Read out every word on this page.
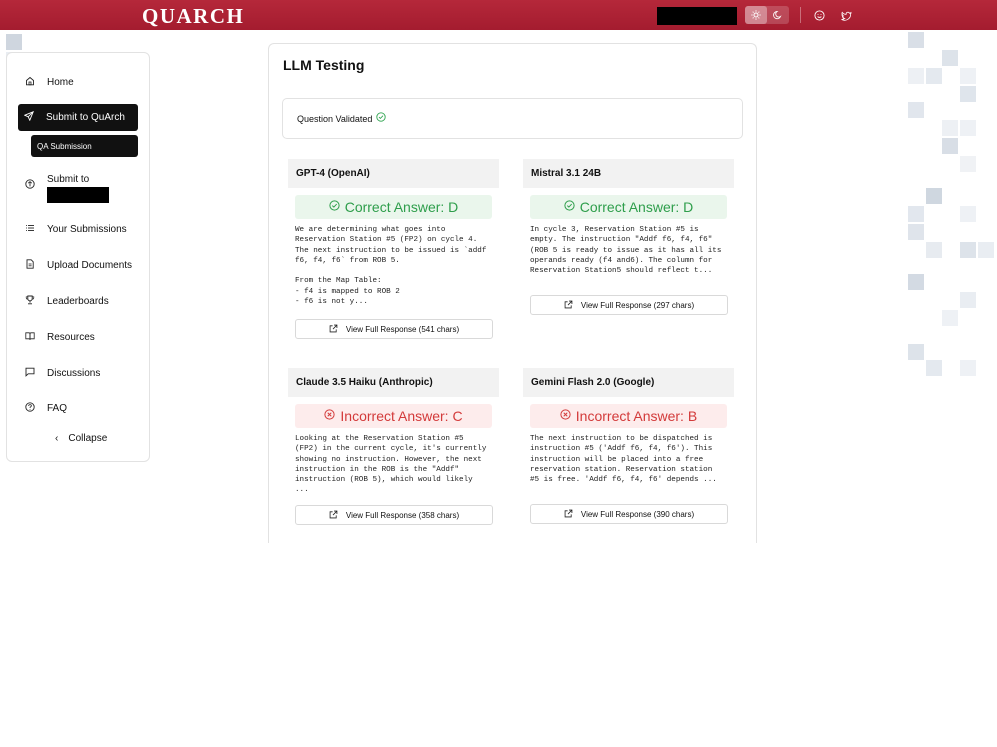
QUARCH
Home
Submit to QuArch
QA Submission
Submit to
Your Submissions
Upload Documents
Leaderboards
Resources
Discussions
FAQ
‹ Collapse
LLM Testing
Question Validated
GPT-4 (OpenAI)
Correct Answer: D
We are determining what goes into
Reservation Station #5 (FP2) on cycle 4.
The next instruction to be issued is `addf
f6, f4, f6` from ROB 5.

From the Map Table:
- f4 is mapped to ROB 2
- f6 is not y...
View Full Response (541 chars)
Mistral 3.1 24B
Correct Answer: D
In cycle 3, Reservation Station #5 is
empty. The instruction "Addf f6, f4, f6"
(ROB 5 is ready to issue as it has all its
operands ready (f4 and6). The column for
Reservation Station5 should reflect t...
View Full Response (297 chars)
Claude 3.5 Haiku (Anthropic)
Incorrect Answer: C
Looking at the Reservation Station #5
(FP2) in the current cycle, it's currently
showing no instruction. However, the next
instruction in the ROB is the "Addf"
instruction (ROB 5), which would likely
...
View Full Response (358 chars)
Gemini Flash 2.0 (Google)
Incorrect Answer: B
The next instruction to be dispatched is
instruction #5 ('Addf f6, f4, f6'). This
instruction will be placed into a free
reservation station. Reservation station
#5 is free. 'Addf f6, f4, f6' depends ...
View Full Response (390 chars)
